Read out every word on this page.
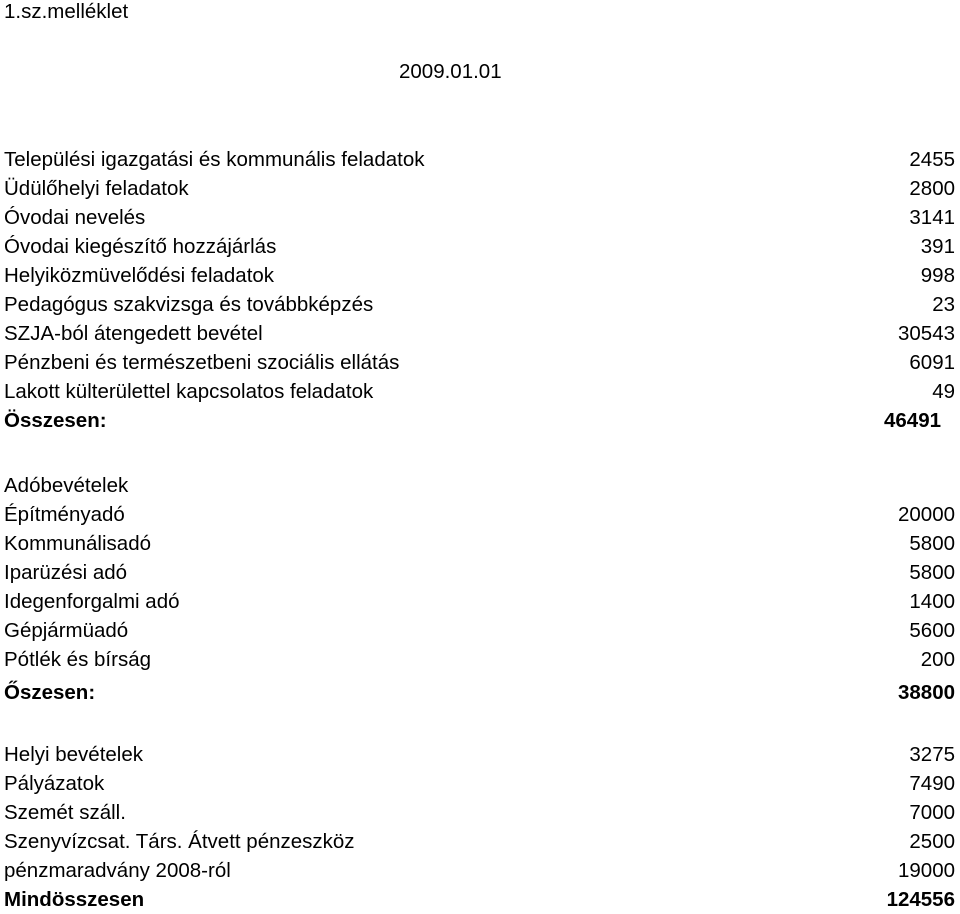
1.sz.melléklet
2009.01.01
Települési igazgatási és kommunális feladatok	2455
Üdülőhelyi feladatok	2800
Óvodai nevelés	3141
Óvodai kiegészítő hozzájárlás	391
Helyiközmüvelődési feladatok	998
Pedagógus szakvizsga és továbbképzés	23
SZJA-ból átengedett bevétel	30543
Pénzbeni és természetbeni szociális ellátás	6091
Lakott külterülettel kapcsolatos feladatok	49
Összesen:	46491
Adóbevételek
Építményadó	20000
Kommunálisadó	5800
Iparüzési adó	5800
Idegenforgalmi adó	1400
Gépjármüadó	5600
Pótlék és bírság	200
Őszesen:	38800
Helyi bevételek	3275
Pályázatok	7490
Szemét száll.	7000
Szenyvízcsat. Társ. Átvett pénzeszköz	2500
pénzmaradvány 2008-ról	19000
Mindösszesen	124556
